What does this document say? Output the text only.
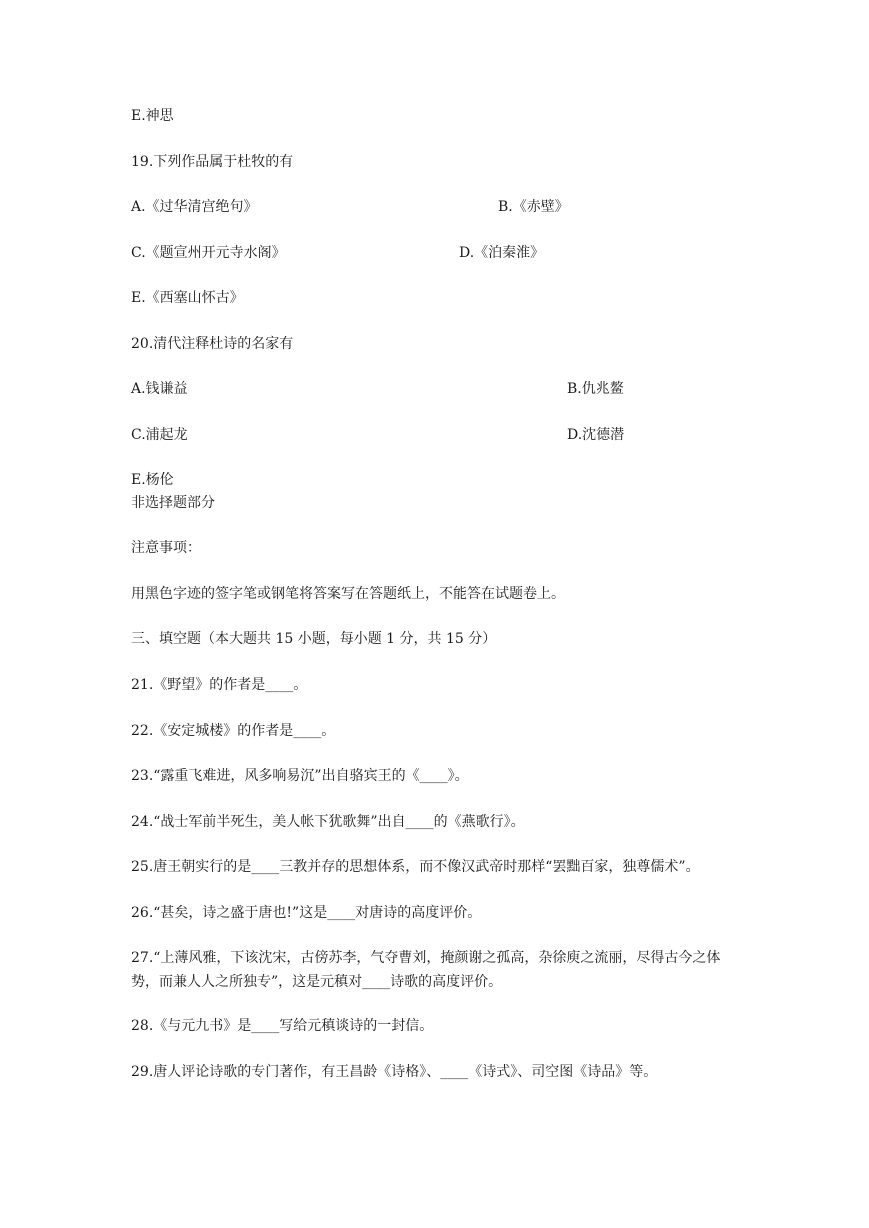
E.神思
19.下列作品属于杜牧的有
A.《过华清宫绝句》	B.《赤壁》
C.《题宣州开元寺水阁》	D.《泊秦淮》
E.《西塞山怀古》
20.清代注释杜诗的名家有
A.钱谦益	B.仇兆鳌
C.浦起龙	D.沈德潜
E.杨伦
非选择题部分
注意事项：
用黑色字迹的签字笔或钢笔将答案写在答题纸上，不能答在试题卷上。
三、填空题（本大题共 15 小题，每小题 1 分，共 15 分）
21.《野望》的作者是____。
22.《安定城楼》的作者是____。
23.“露重飞难进，风多响易沉”出自骆宾王的《____》。
24.“战士军前半死生，美人帐下犹歌舞”出自____的《燕歌行》。
25.唐王朝实行的是____三教并存的思想体系，而不像汉武帝时那样“罢黜百家，独尊儒术”。
26.“甚矣，诗之盛于唐也!”这是____对唐诗的高度评价。
27.“上薄风雅，下该沈宋，古傍苏李，气夺曹刘，掩颜谢之孤高，杂徐庾之流丽，尽得古今之体势，而兼人人之所独专”，这是元稹对____诗歌的高度评价。
28.《与元九书》是____写给元稹谈诗的一封信。
29.唐人评论诗歌的专门著作，有王昌龄《诗格》、____《诗式》、司空图《诗品》等。
